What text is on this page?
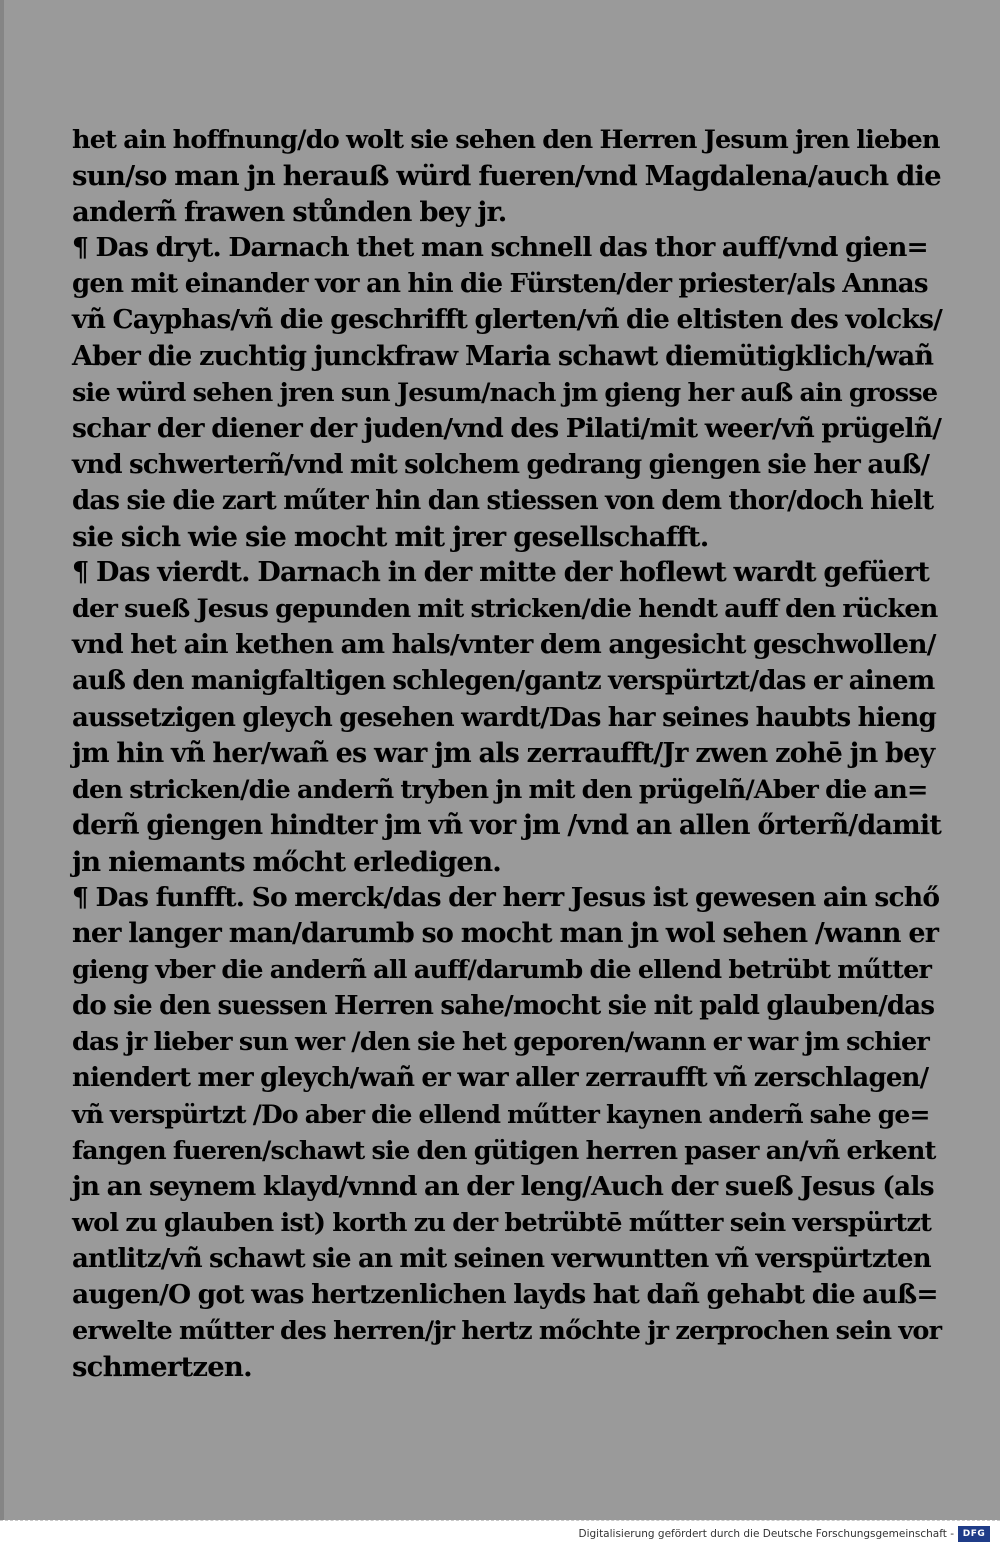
het ain hoffnung/do wolt sie sehen den Herren Jesum jren lieben
sun/so man jn herauß würd fueren/vnd Magdalena/auch die
anderñ frawen stůnden bey jr.
¶ Das dryt. Darnach thet man schnell das thor auff/vnd gien=
gen mit einander vor an hin die Fürsten/der priester/als Annas
vñ Cayphas/vñ die geschrifft glerten/vñ die eltisten des volcks/
Aber die zuchtig junckfraw Maria schawt diemütigklich/wañ
sie würd sehen jren sun Jesum/nach jm gieng her auß ain grosse
schar der diener der juden/vnd des Pilati/mit weer/vñ prügelñ/
vnd schwerterñ/vnd mit solchem gedrang giengen sie her auß/
das sie die zart műter hin dan stiessen von dem thor/doch hielt
sie sich wie sie mocht mit jrer gesellschafft.
¶ Das vierdt. Darnach in der mitte der hoflewt wardt gefüert
der sueß Jesus gepunden mit stricken/die hendt auff den rücken
vnd het ain kethen am hals/vnter dem angesicht geschwollen/
auß den manigfaltigen schlegen/gantz verspürtzt/das er ainem
aussetzigen gleych gesehen wardt/Das har seines haubts hieng
jm hin vñ her/wañ es war jm als zerraufft/Jr zwen zohē jn bey
den stricken/die anderñ tryben jn mit den prügelñ/Aber die an=
derñ giengen hindter jm vñ vor jm /vnd an allen őrterñ/damit
jn niemants mőcht erledigen.
¶ Das funfft. So merck/das der herr Jesus ist gewesen ain schő
ner langer man/darumb so mocht man jn wol sehen /wann er
gieng vber die anderñ all auff/darumb die ellend betrübt műtter
do sie den suessen Herren sahe/mocht sie nit pald glauben/das
das jr lieber sun wer /den sie het geporen/wann er war jm schier
niendert mer gleych/wañ er war aller zerraufft vñ zerschlagen/
vñ verspürtzt /Do aber die ellend műtter kaynen anderñ sahe ge=
fangen fueren/schawt sie den gütigen herren paser an/vñ erkent
jn an seynem klayd/vnnd an der leng/Auch der sueß Jesus (als
wol zu glauben ist) korth zu der betrübtē műtter sein verspürtzt
antlitz/vñ schawt sie an mit seinen verwuntten vñ verspürtzten
augen/O got was hertzenlichen layds hat dañ gehabt die auß=
erwelte műtter des herren/jr hertz mőchte jr zerprochen sein vor
schmertzen.
Digitalisierung gefördert durch die Deutsche Forschungsgemeinschaft - DFG
